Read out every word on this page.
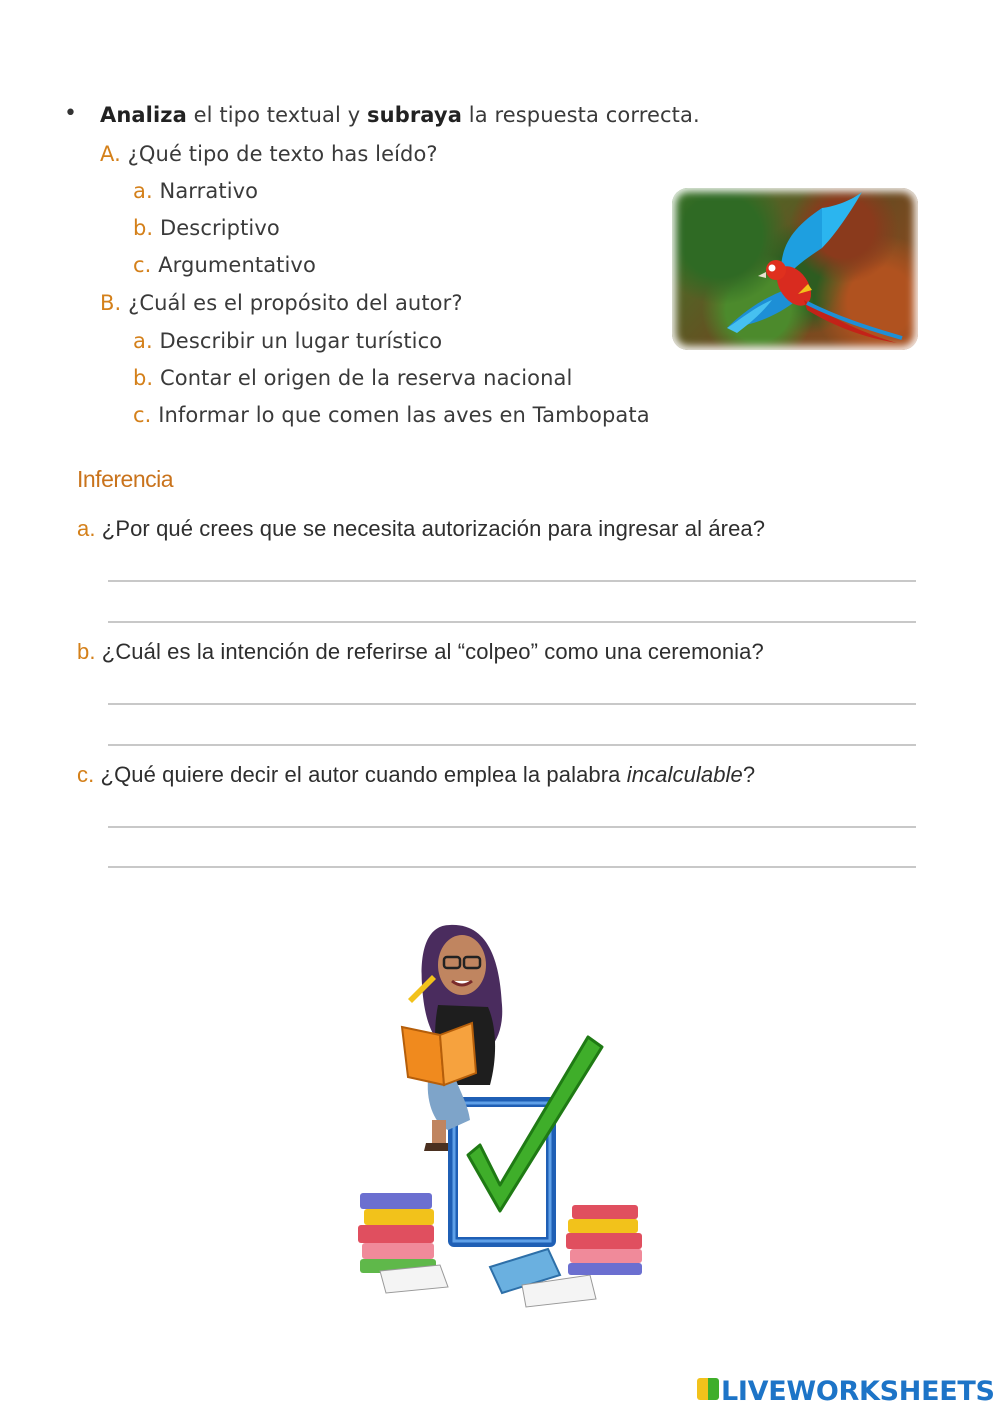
• Analiza el tipo textual y subraya la respuesta correcta.
A. ¿Qué tipo de texto has leído?
a. Narrativo
b. Descriptivo
c. Argumentativo
B. ¿Cuál es el propósito del autor?
a. Describir un lugar turístico
b. Contar el origen de la reserva nacional
c. Informar lo que comen las aves en Tambopata
Inferencia
a. ¿Por qué crees que se necesita autorización para ingresar al área?
b. ¿Cuál es la intención de referirse al “colpeo” como una ceremonia?
c. ¿Qué quiere decir el autor cuando emplea la palabra incalculable?
LIVEWORKSHEETS
